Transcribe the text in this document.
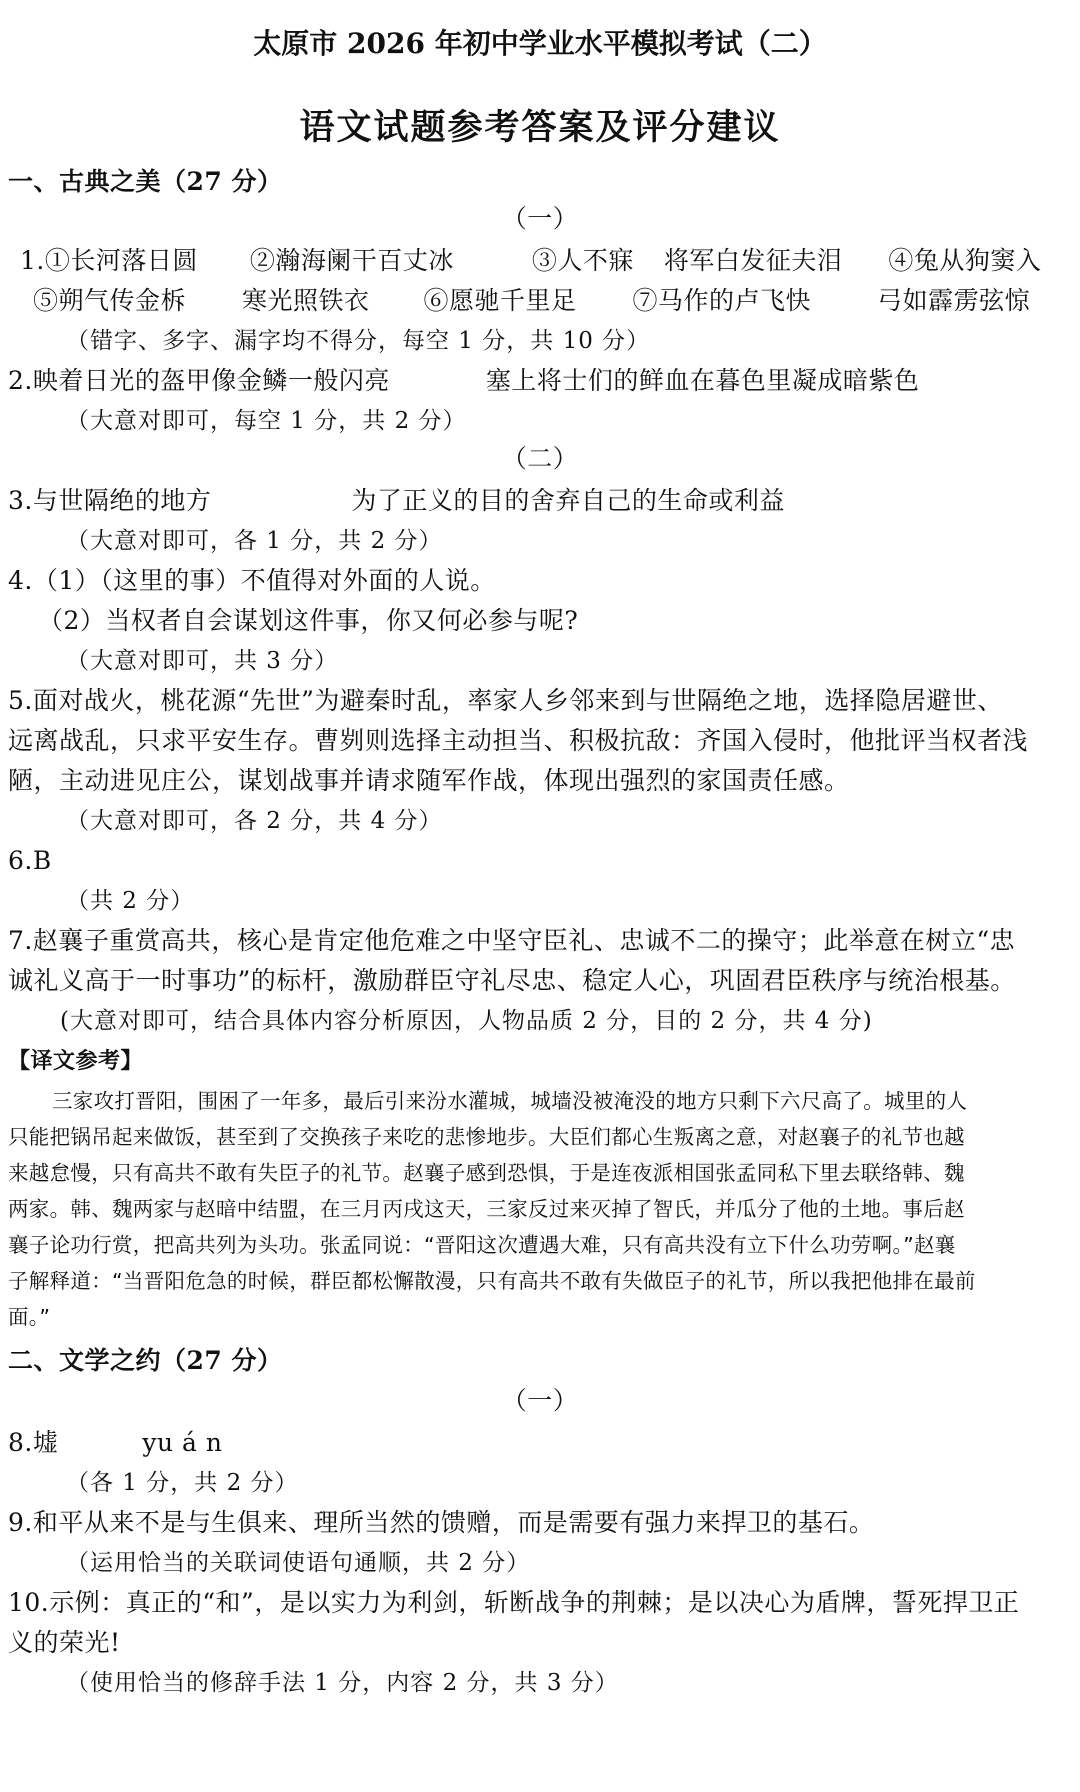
太原市 2026 年初中学业水平模拟考试（二）
语文试题参考答案及评分建议
一、古典之美（27 分）
（一）
1.①长河落日圆 ②瀚海阑干百丈冰	③人不寐 将军白发征夫泪 ④兔从狗窦入
⑤朔气传金柝 寒光照铁衣 ⑥愿驰千里足 ⑦马作的卢飞快	弓如霹雳弦惊
（错字、多字、漏字均不得分，每空 1 分，共 10 分）
2.映着日光的盔甲像金鳞一般闪亮	塞上将士们的鲜血在暮色里凝成暗紫色
（大意对即可，每空 1 分，共 2 分）
（二）
3.与世隔绝的地方	为了正义的目的舍弃自己的生命或利益
（大意对即可，各 1 分，共 2 分）
4.（1）（这里的事）不值得对外面的人说。
（2）当权者自会谋划这件事，你又何必参与呢?
（大意对即可，共 3 分）
5.面对战火，桃花源“先世”为避秦时乱，率家人乡邻来到与世隔绝之地，选择隐居避世、
远离战乱，只求平安生存。曹刿则选择主动担当、积极抗敌：齐国入侵时，他批评当权者浅
陋，主动进见庄公，谋划战事并请求随军作战，体现出强烈的家国责任感。
（大意对即可，各 2 分，共 4 分）
6.B
（共 2 分）
7.赵襄子重赏高共，核心是肯定他危难之中坚守臣礼、忠诚不二的操守；此举意在树立“忠
诚礼义高于一时事功”的标杆，激励群臣守礼尽忠、稳定人心，巩固君臣秩序与统治根基。
(大意对即可，结合具体内容分析原因，人物品质 2 分，目的 2 分，共 4 分)
【译文参考】
三家攻打晋阳，围困了一年多，最后引来汾水灌城，城墙没被淹没的地方只剩下六尺高了。城里的人
只能把锅吊起来做饭，甚至到了交换孩子来吃的悲惨地步。大臣们都心生叛离之意，对赵襄子的礼节也越
来越怠慢，只有高共不敢有失臣子的礼节。赵襄子感到恐惧，于是连夜派相国张孟同私下里去联络韩、魏
两家。韩、魏两家与赵暗中结盟，在三月丙戌这天，三家反过来灭掉了智氏，并瓜分了他的土地。事后赵
襄子论功行赏，把高共列为头功。张孟同说：“晋阳这次遭遇大难，只有高共没有立下什么功劳啊。”赵襄
子解释道：“当晋阳危急的时候，群臣都松懈散漫，只有高共不敢有失做臣子的礼节，所以我把他排在最前
面。”
二、文学之约（27 分）
（一）
8.墟	yu á n
（各 1 分，共 2 分）
9.和平从来不是与生俱来、理所当然的馈赠，而是需要有强力来捍卫的基石。
（运用恰当的关联词使语句通顺，共 2 分）
10.示例：真正的“和”，是以实力为利剑，斩断战争的荆棘；是以决心为盾牌，誓死捍卫正
义的荣光!
（使用恰当的修辞手法 1 分，内容 2 分，共 3 分）
